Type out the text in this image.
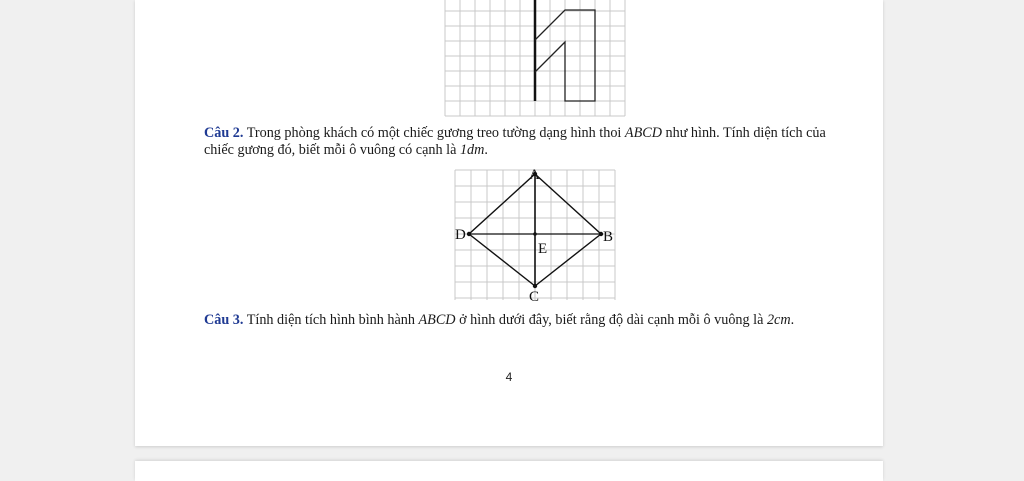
Câu 2. Trong phòng khách có một chiếc gương treo tường dạng hình thoi ABCD như hình. Tính diện tích của chiếc gương đó, biết mỗi ô vuông có cạnh là 1dm.
A
B
C
D
E
Câu 3. Tính diện tích hình bình hành ABCD ở hình dưới đây, biết rằng độ dài cạnh mỗi ô vuông là 2cm.
4
